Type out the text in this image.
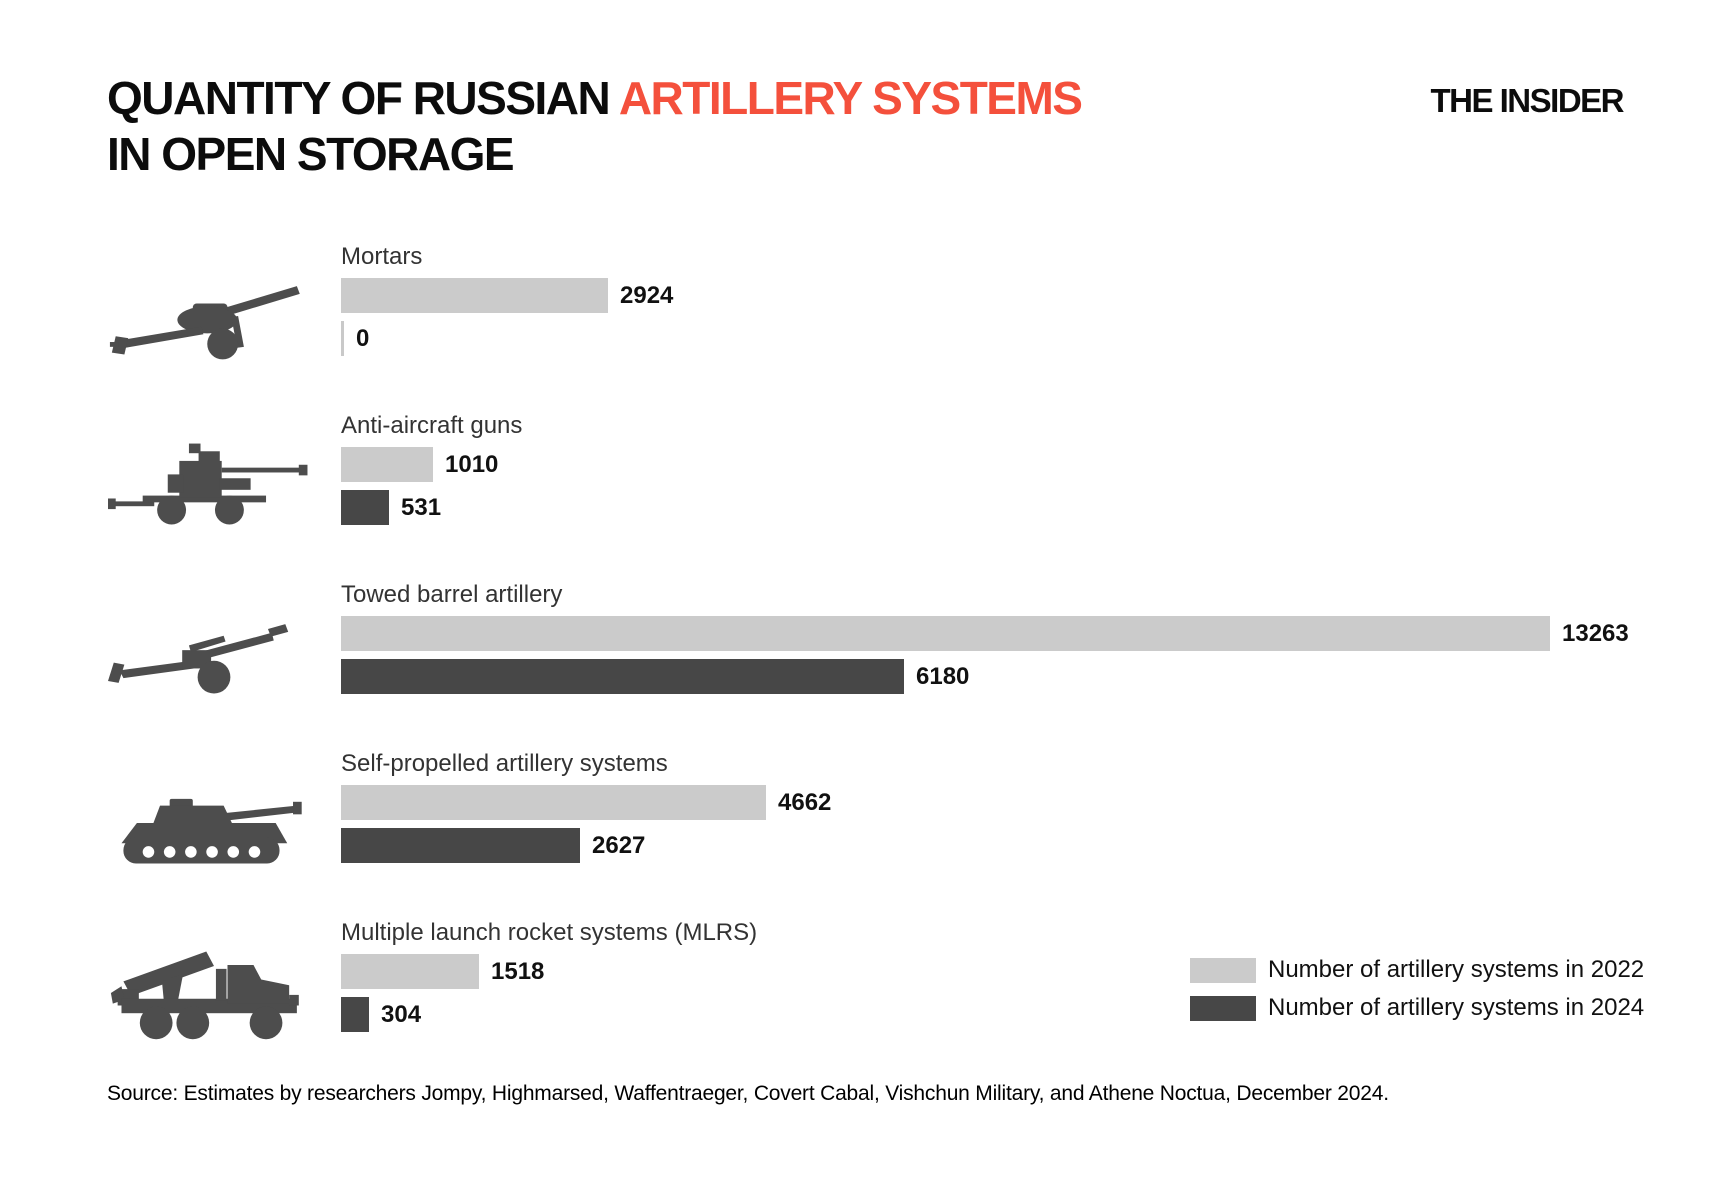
QUANTITY OF RUSSIAN ARTILLERY SYSTEMS
IN OPEN STORAGE
THE INSIDER
Mortars
2924
0
Anti-aircraft guns
1010
531
Towed barrel artillery
13263
6180
Self-propelled artillery systems
4662
2627
Multiple launch rocket systems (MLRS)
1518
304
Number of artillery systems in 2022
Number of artillery systems in 2024
Source: Estimates by researchers Jompy, Highmarsed, Waffentraeger, Covert Cabal, Vishchun Military, and Athene Noctua, December 2024.
